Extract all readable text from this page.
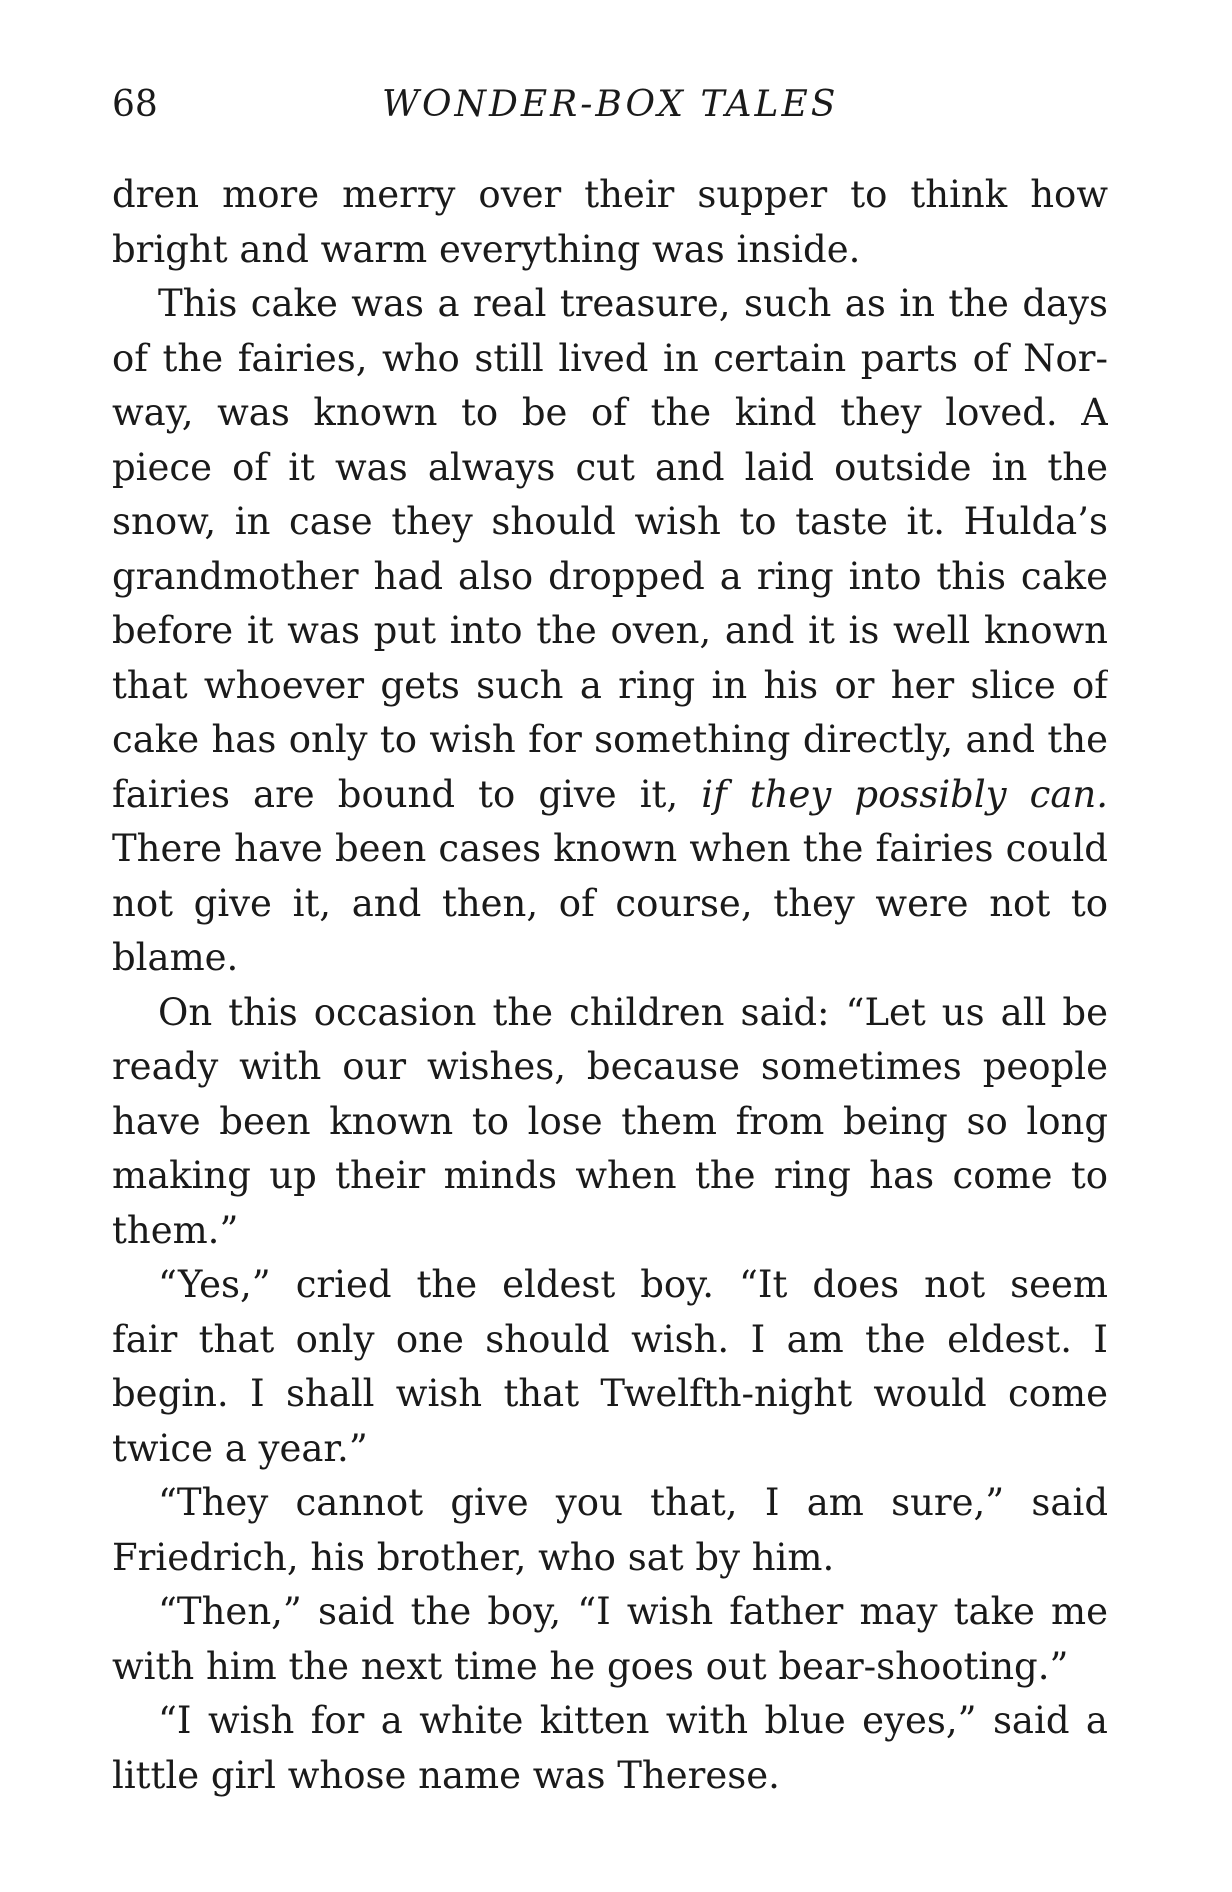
68	WONDER-BOX TALES
dren more merry over their supper to think how
bright and warm everything was inside.
This cake was a real treasure, such as in the days
of the fairies, who still lived in certain parts of Nor-
way, was known to be of the kind they loved. A
piece of it was always cut and laid outside in the
snow, in case they should wish to taste it. Hulda’s
grandmother had also dropped a ring into this cake
before it was put into the oven, and it is well known
that whoever gets such a ring in his or her slice of
cake has only to wish for something directly, and the
fairies are bound to give it, if they possibly can.
There have been cases known when the fairies could
not give it, and then, of course, they were not to
blame.
On this occasion the children said: “Let us all be
ready with our wishes, because sometimes people
have been known to lose them from being so long
making up their minds when the ring has come to
them.”
“Yes,” cried the eldest boy. “It does not seem
fair that only one should wish. I am the eldest. I
begin. I shall wish that Twelfth-night would come
twice a year.”
“They cannot give you that, I am sure,” said
Friedrich, his brother, who sat by him.
“Then,” said the boy, “I wish father may take me
with him the next time he goes out bear-shooting.”
“I wish for a white kitten with blue eyes,” said a
little girl whose name was Therese.
